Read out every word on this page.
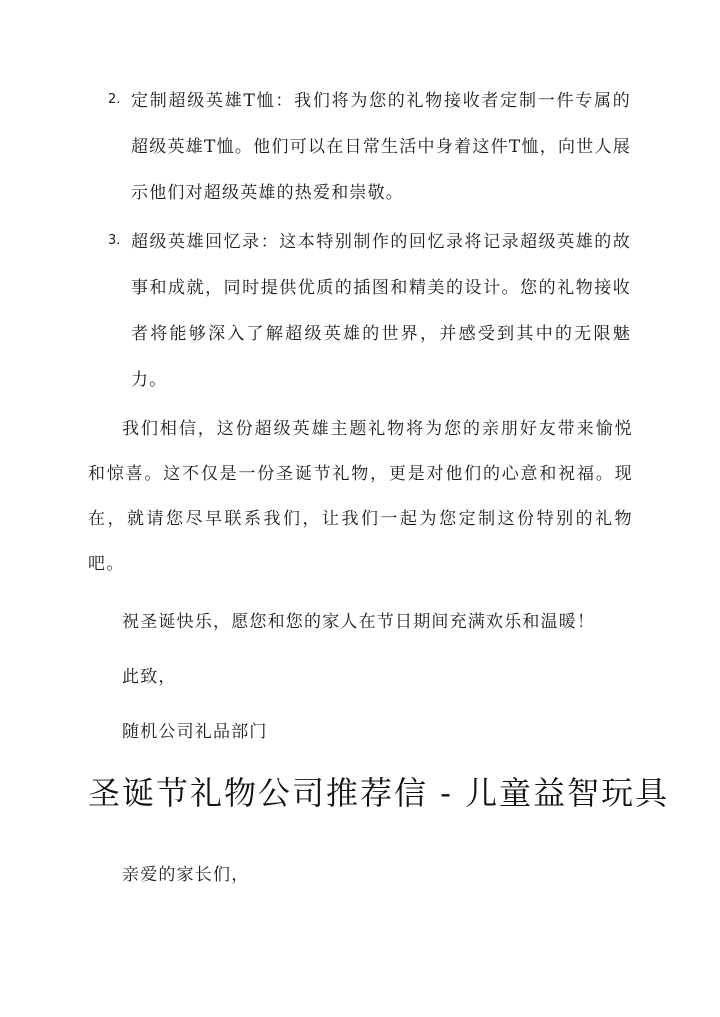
2. 定制超级英雄T恤：我们将为您的礼物接收者定制一件专属的超级英雄T恤。他们可以在日常生活中身着这件T恤，向世人展示他们对超级英雄的热爱和崇敬。
3. 超级英雄回忆录：这本特别制作的回忆录将记录超级英雄的故事和成就，同时提供优质的插图和精美的设计。您的礼物接收者将能够深入了解超级英雄的世界，并感受到其中的无限魅力。
我们相信，这份超级英雄主题礼物将为您的亲朋好友带来愉悦和惊喜。这不仅是一份圣诞节礼物，更是对他们的心意和祝福。现在，就请您尽早联系我们，让我们一起为您定制这份特别的礼物吧。
祝圣诞快乐，愿您和您的家人在节日期间充满欢乐和温暖！
此致，
随机公司礼品部门
圣诞节礼物公司推荐信 - 儿童益智玩具
亲爱的家长们，
